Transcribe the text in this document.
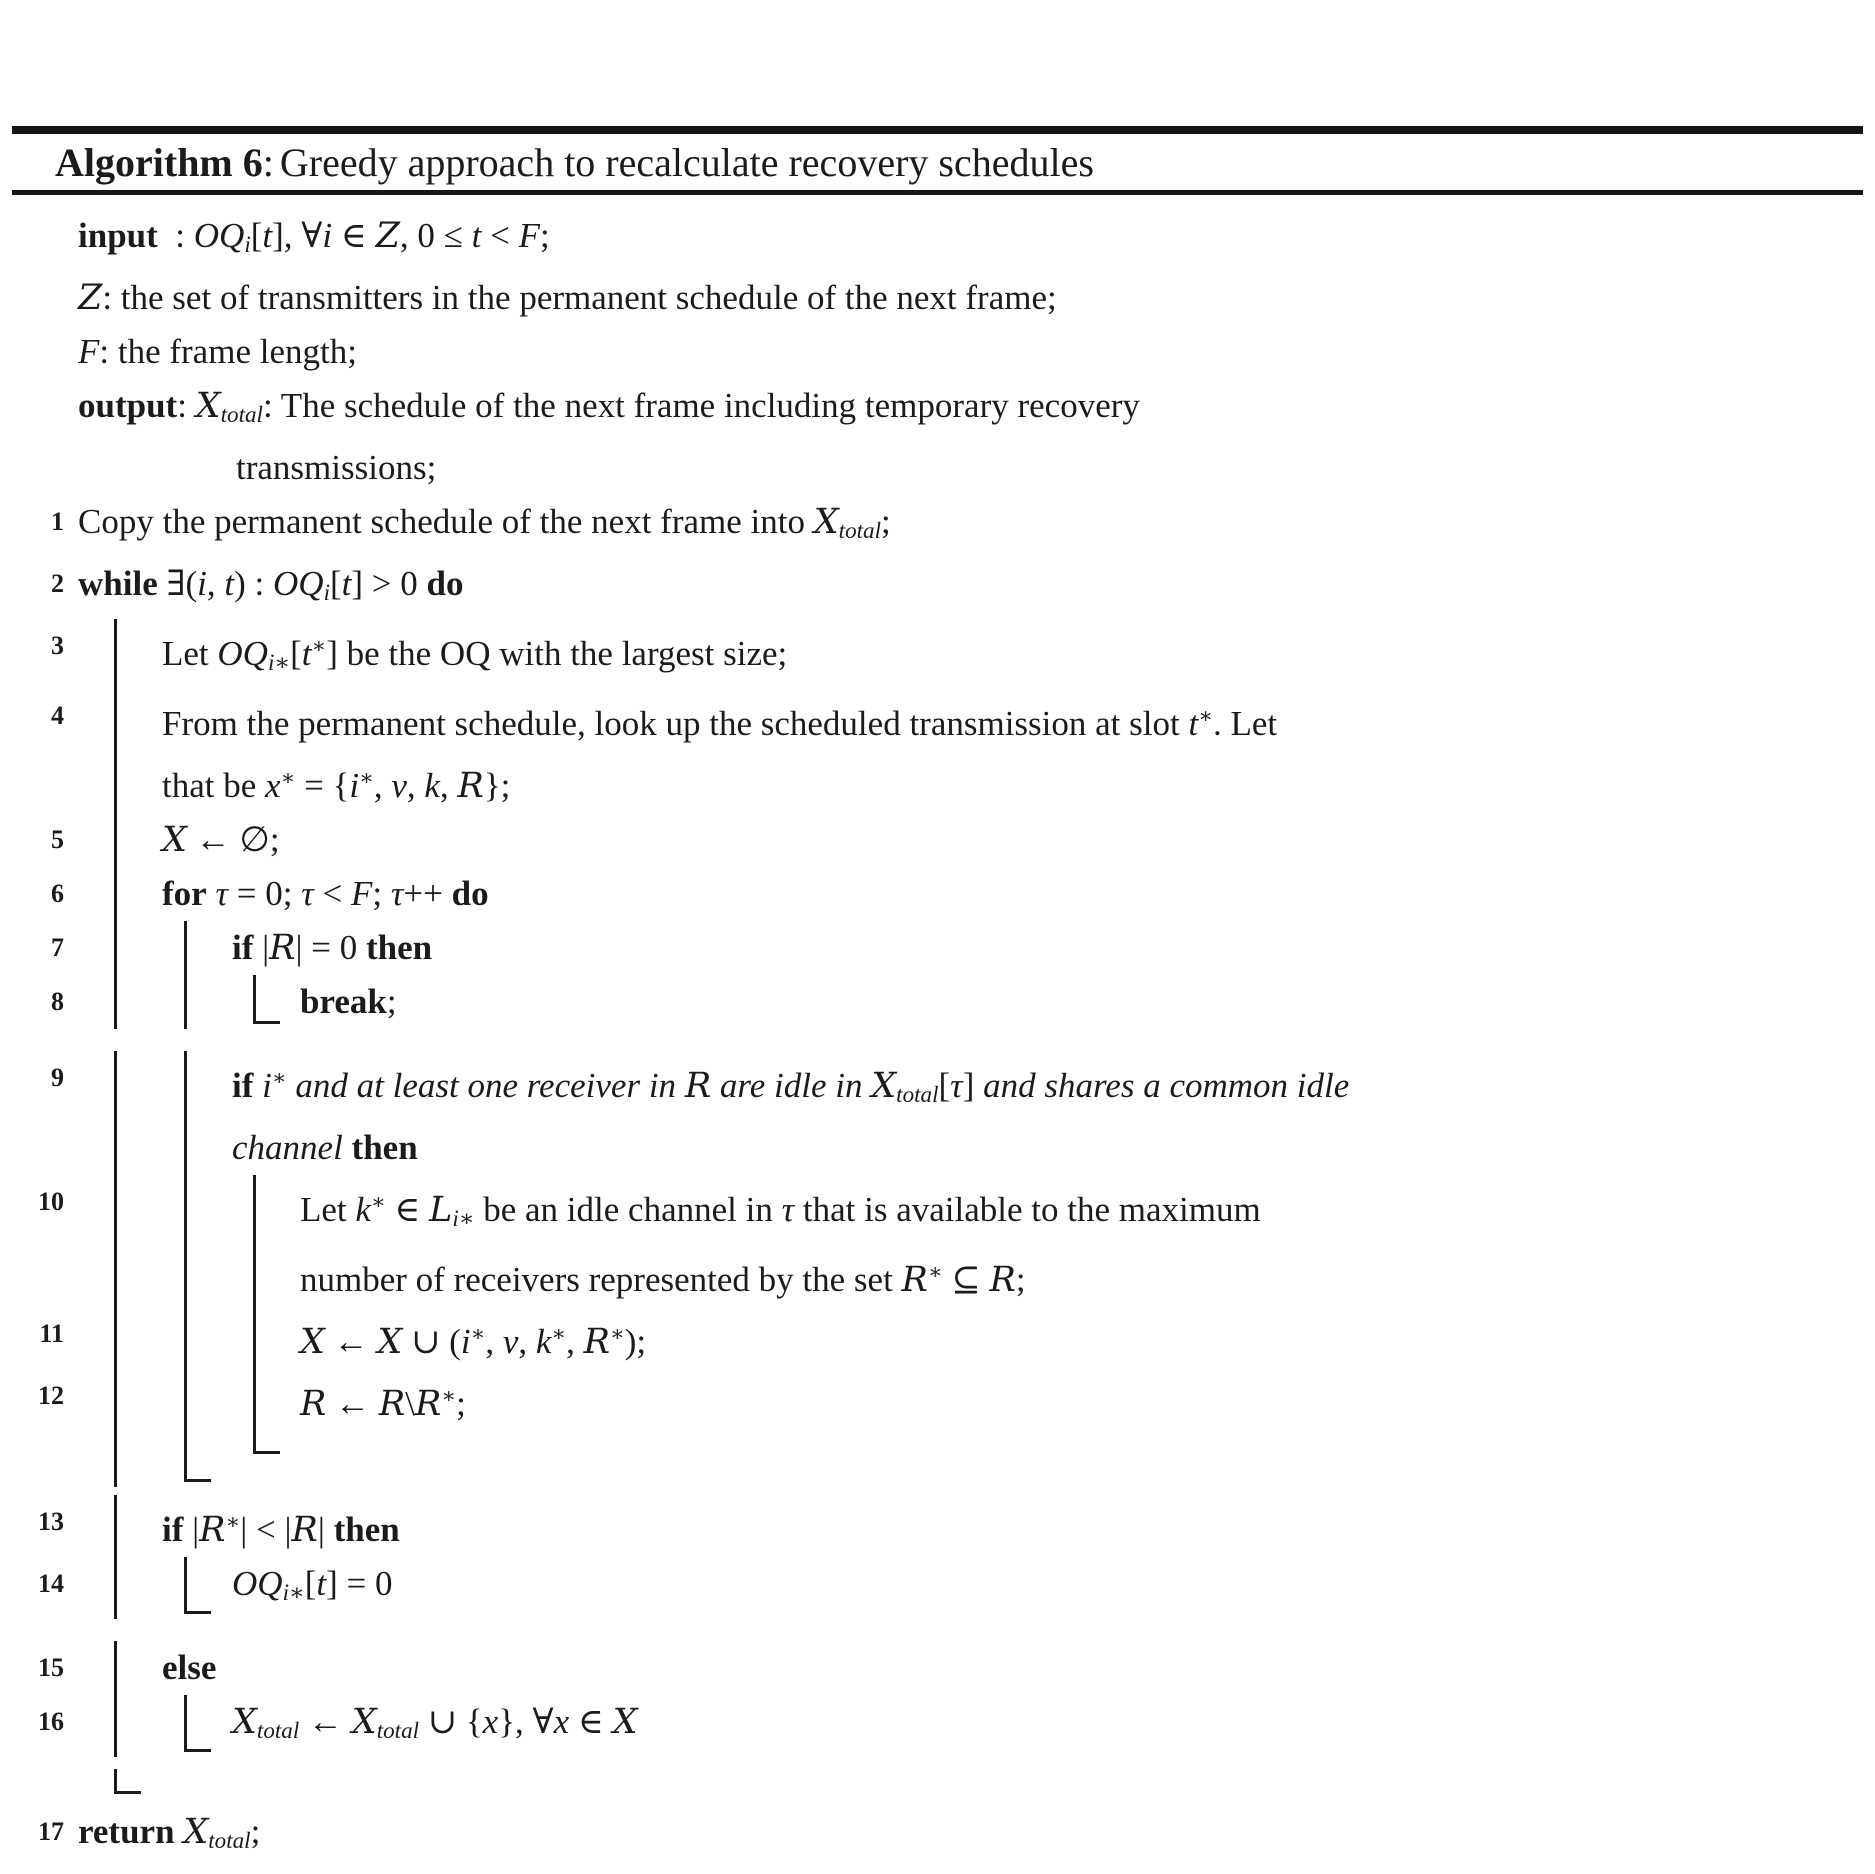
Algorithm 6 : Greedy approach to recalculate recovery schedules
input  : OQi[t], ∀i ∈ Z, 0 ≤ t < F;
Z: the set of transmitters in the permanent schedule of the next frame;
F: the frame length;
output: Xtotal: The schedule of the next frame including temporary recovery
transmissions;
1 Copy the permanent schedule of the next frame into Xtotal;
2 while ∃(i, t) : OQi[t] > 0 do
3	Let OQi∗[t∗] be the OQ with the largest size;
4	From the permanent schedule, look up the scheduled transmission at slot t∗. Let
that be x∗ = {i∗, v, k, R};
5	X ← ∅;
6	for τ = 0; τ < F; τ++ do
7	if |R| = 0 then
8	break;
9	if i∗ and at least one receiver in R are idle in Xtotal[τ] and shares a common idle
channel then
10	Let k∗ ∈ Li∗ be an idle channel in τ that is available to the maximum
number of receivers represented by the set R∗ ⊆ R;
11	X ← X ∪ (i∗, v, k∗, R∗);
12	R ← R\R∗;
13	if |R∗| < |R| then
14	OQi∗[t] = 0
15	else
16	Xtotal ← Xtotal ∪ {x}, ∀x ∈ X
17 return Xtotal;
